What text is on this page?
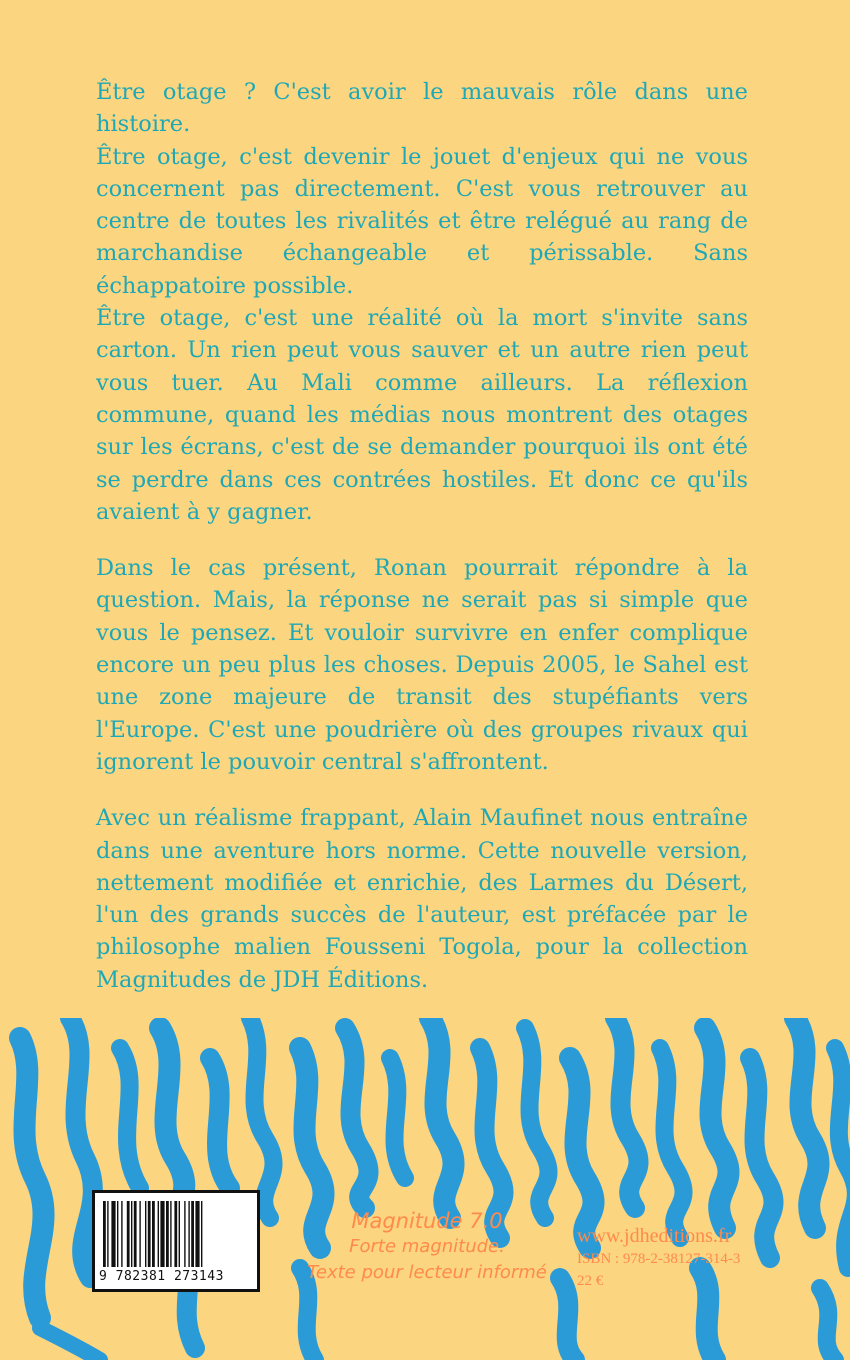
Être otage ? C'est avoir le mauvais rôle dans une histoire.

Être otage, c'est devenir le jouet d'enjeux qui ne vous concernent pas directement. C'est vous retrouver au centre de toutes les rivalités et être relégué au rang de marchandise échangeable et périssable. Sans échappatoire possible.

Être otage, c'est une réalité où la mort s'invite sans carton. Un rien peut vous sauver et un autre rien peut vous tuer. Au Mali comme ailleurs. La réflexion commune, quand les médias nous montrent des otages sur les écrans, c'est de se demander pourquoi ils ont été se perdre dans ces contrées hostiles. Et donc ce qu'ils avaient à y gagner.

Dans le cas présent, Ronan pourrait répondre à la question. Mais, la réponse ne serait pas si simple que vous le pensez. Et vouloir survivre en enfer complique encore un peu plus les choses. Depuis 2005, le Sahel est une zone majeure de transit des stupéfiants vers l'Europe. C'est une poudrière où des groupes rivaux qui ignorent le pouvoir central s'affrontent.

Avec un réalisme frappant, Alain Maufinet nous entraîne dans une aventure hors norme. Cette nouvelle version, nettement modifiée et enrichie, des Larmes du Désert, l'un des grands succès de l'auteur, est préfacée par le philosophe malien Fousseni Togola, pour la collection Magnitudes de JDH Éditions.

9 782381 273143
Magnitude 7.0
Forte magnitude.
Texte pour lecteur informé
www.jdheditions.fr
ISBN : 978-2-38127-314-3
22 €
